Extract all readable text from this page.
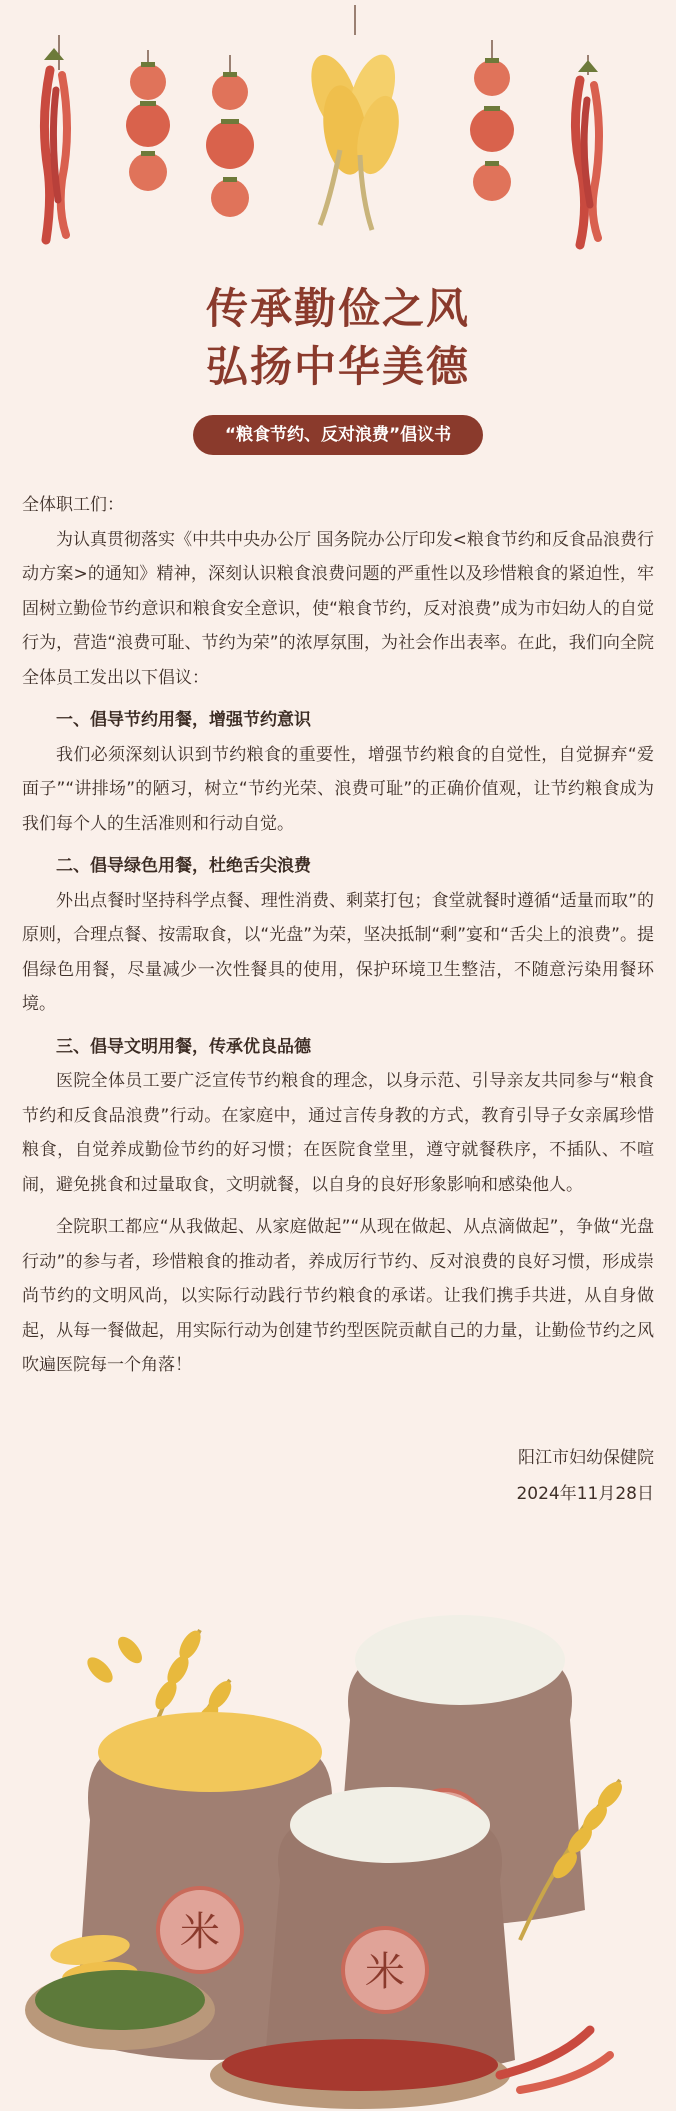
传承勤俭之风
弘扬中华美德
“粮食节约、反对浪费”倡议书

全体职工们：

为认真贯彻落实《中共中央办公厅 国务院办公厅印发<粮食节约和反食品浪费行动方案>的通知》精神，深刻认识粮食浪费问题的严重性以及珍惜粮食的紧迫性，牢固树立勤俭节约意识和粮食安全意识，使“粮食节约，反对浪费”成为市妇幼人的自觉行为，营造“浪费可耻、节约为荣”的浓厚氛围，为社会作出表率。在此，我们向全院全体员工发出以下倡议：

一、倡导节约用餐，增强节约意识

我们必须深刻认识到节约粮食的重要性，增强节约粮食的自觉性，自觉摒弃“爱面子”“讲排场”的陋习，树立“节约光荣、浪费可耻”的正确价值观，让节约粮食成为我们每个人的生活准则和行动自觉。

二、倡导绿色用餐，杜绝舌尖浪费

外出点餐时坚持科学点餐、理性消费、剩菜打包；食堂就餐时遵循“适量而取”的原则，合理点餐、按需取食，以“光盘”为荣，坚决抵制“剩”宴和“舌尖上的浪费”。提倡绿色用餐，尽量减少一次性餐具的使用，保护环境卫生整洁，不随意污染用餐环境。

三、倡导文明用餐，传承优良品德

医院全体员工要广泛宣传节约粮食的理念，以身示范、引导亲友共同参与“粮食节约和反食品浪费”行动。在家庭中，通过言传身教的方式，教育引导子女亲属珍惜粮食，自觉养成勤俭节约的好习惯；在医院食堂里，遵守就餐秩序，不插队、不喧闹，避免挑食和过量取食，文明就餐，以自身的良好形象影响和感染他人。

全院职工都应“从我做起、从家庭做起”“从现在做起、从点滴做起”，争做“光盘行动”的参与者，珍惜粮食的推动者，养成厉行节约、反对浪费的良好习惯，形成崇尚节约的文明风尚，以实际行动践行节约粮食的承诺。让我们携手共进，从自身做起，从每一餐做起，用实际行动为创建节约型医院贡献自己的力量，让勤俭节约之风吹遍医院每一个角落！

阳江市妇幼保健院
2024年11月28日
米
米
